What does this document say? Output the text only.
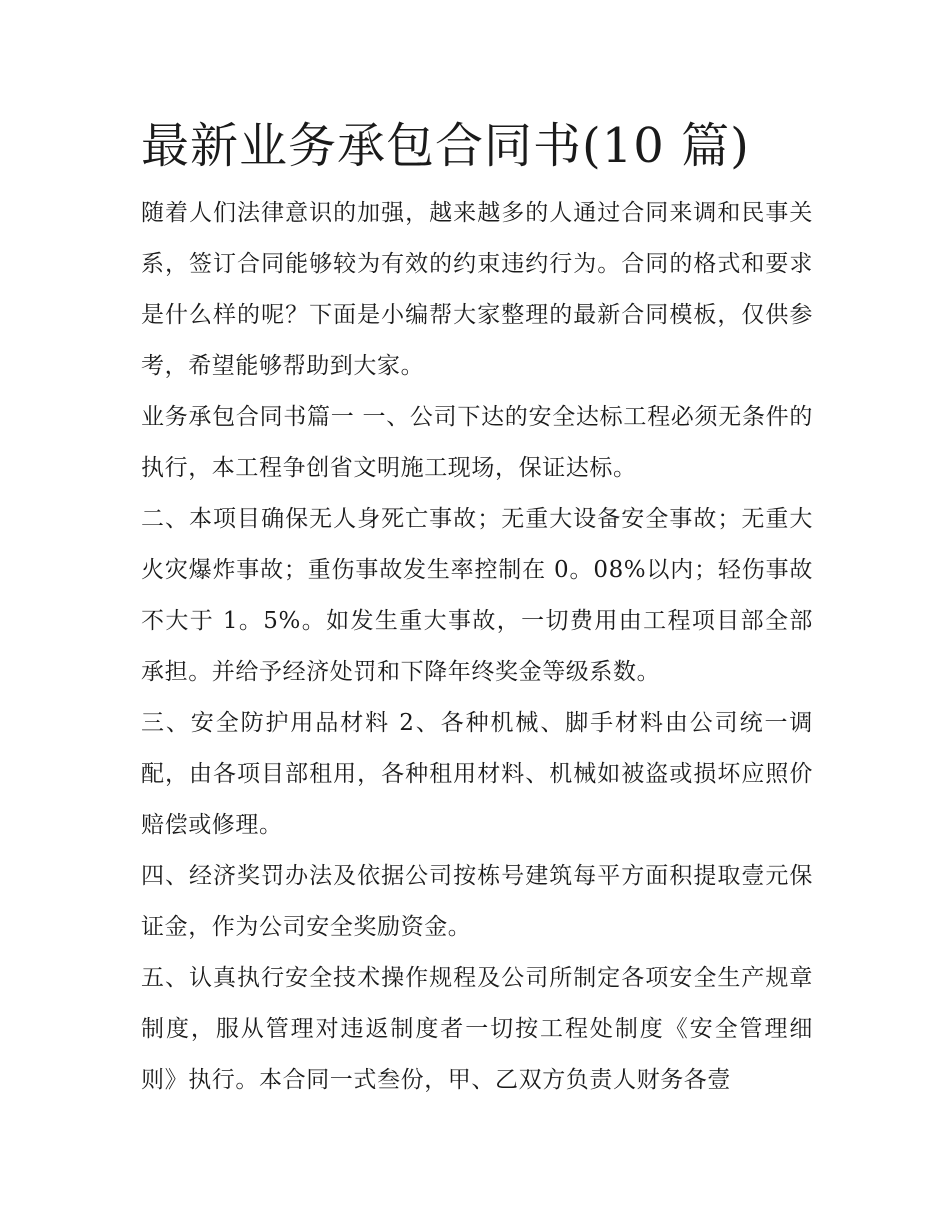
最新业务承包合同书(10 篇)

随着人们法律意识的加强，越来越多的人通过合同来调和民事关系，签订合同能够较为有效的约束违约行为。合同的格式和要求是什么样的呢？下面是小编帮大家整理的最新合同模板，仅供参考，希望能够帮助到大家。

业务承包合同书篇一 一、公司下达的安全达标工程必须无条件的执行，本工程争创省文明施工现场，保证达标。

二、本项目确保无人身死亡事故；无重大设备安全事故；无重大火灾爆炸事故；重伤事故发生率控制在 0。08%以内；轻伤事故不大于 1。5%。如发生重大事故，一切费用由工程项目部全部承担。并给予经济处罚和下降年终奖金等级系数。

三、安全防护用品材料 2、各种机械、脚手材料由公司统一调配，由各项目部租用，各种租用材料、机械如被盗或损坏应照价赔偿或修理。

四、经济奖罚办法及依据公司按栋号建筑每平方面积提取壹元保证金，作为公司安全奖励资金。

五、认真执行安全技术操作规程及公司所制定各项安全生产规章制度，服从管理对违返制度者一切按工程处制度《安全管理细则》执行。本合同一式叁份，甲、乙双方负责人财务各壹
